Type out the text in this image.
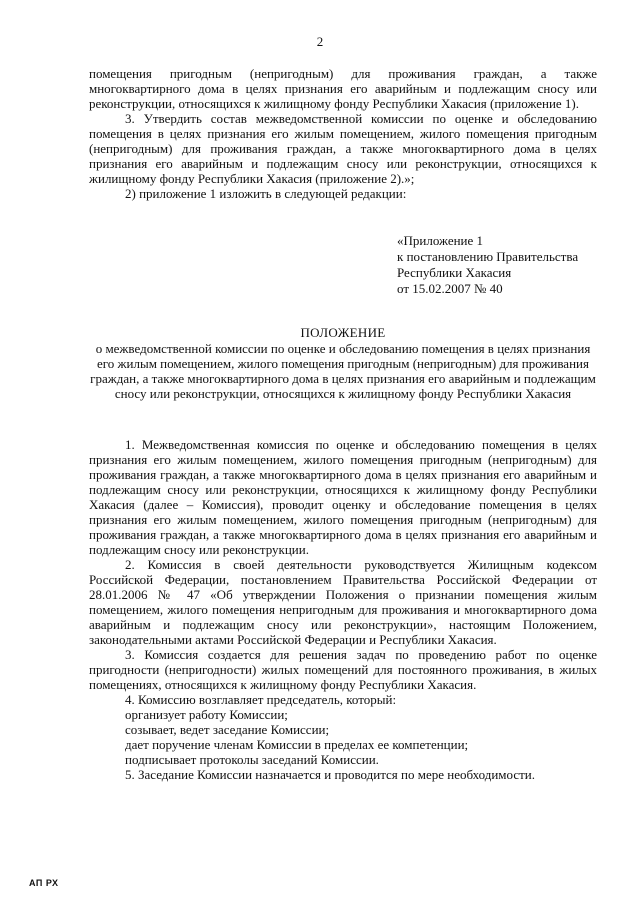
2

помещения пригодным (непригодным) для проживания граждан, а также многоквартирного дома в целях признания его аварийным и подлежащим сносу или реконструкции, относящихся к жилищному фонду Республики Хакасия (приложение 1).

3. Утвердить состав межведомственной комиссии по оценке и обследованию помещения в целях признания его жилым помещением, жилого помещения пригодным (непригодным) для проживания граждан, а также многоквартирного дома в целях признания его аварийным и подлежащим сносу или реконструкции, относящихся к жилищному фонду Республики Хакасия (приложение 2).»;

2) приложение 1 изложить в следующей редакции:

«Приложение 1
к постановлению Правительства
Республики Хакасия
от 15.02.2007 № 40
ПОЛОЖЕНИЕ
о межведомственной комиссии по оценке и обследованию помещения в целях признания его жилым помещением, жилого помещения пригодным (непригодным) для проживания граждан, а также многоквартирного дома в целях признания его аварийным и подлежащим сносу или реконструкции, относящихся к жилищному фонду Республики Хакасия

1. Межведомственная комиссия по оценке и обследованию помещения в целях признания его жилым помещением, жилого помещения пригодным (непригодным) для проживания граждан, а также многоквартирного дома в целях признания его аварийным и подлежащим сносу или реконструкции, относящихся к жилищному фонду Республики Хакасия (далее – Комиссия), проводит оценку и обследование помещения в целях признания его жилым помещением, жилого помещения пригодным (непригодным) для проживания граждан, а также многоквартирного дома в целях признания его аварийным и подлежащим сносу или реконструкции.

2. Комиссия в своей деятельности руководствуется Жилищным кодексом Российской Федерации, постановлением Правительства Российской Федерации от 28.01.2006 № 47 «Об утверждении Положения о признании помещения жилым помещением, жилого помещения непригодным для проживания и многоквартирного дома аварийным и подлежащим сносу или реконструкции», настоящим Положением, законодательными актами Российской Федерации и Республики Хакасия.

3. Комиссия создается для решения задач по проведению работ по оценке пригодности (непригодности) жилых помещений для постоянного проживания, в жилых помещениях, относящихся к жилищному фонду Республики Хакасия.

4. Комиссию возглавляет председатель, который:

организует работу Комиссии;

созывает, ведет заседание Комиссии;

дает поручение членам Комиссии в пределах ее компетенции;

подписывает протоколы заседаний Комиссии.

5. Заседание Комиссии назначается и проводится по мере необходимости.

АП РХ
